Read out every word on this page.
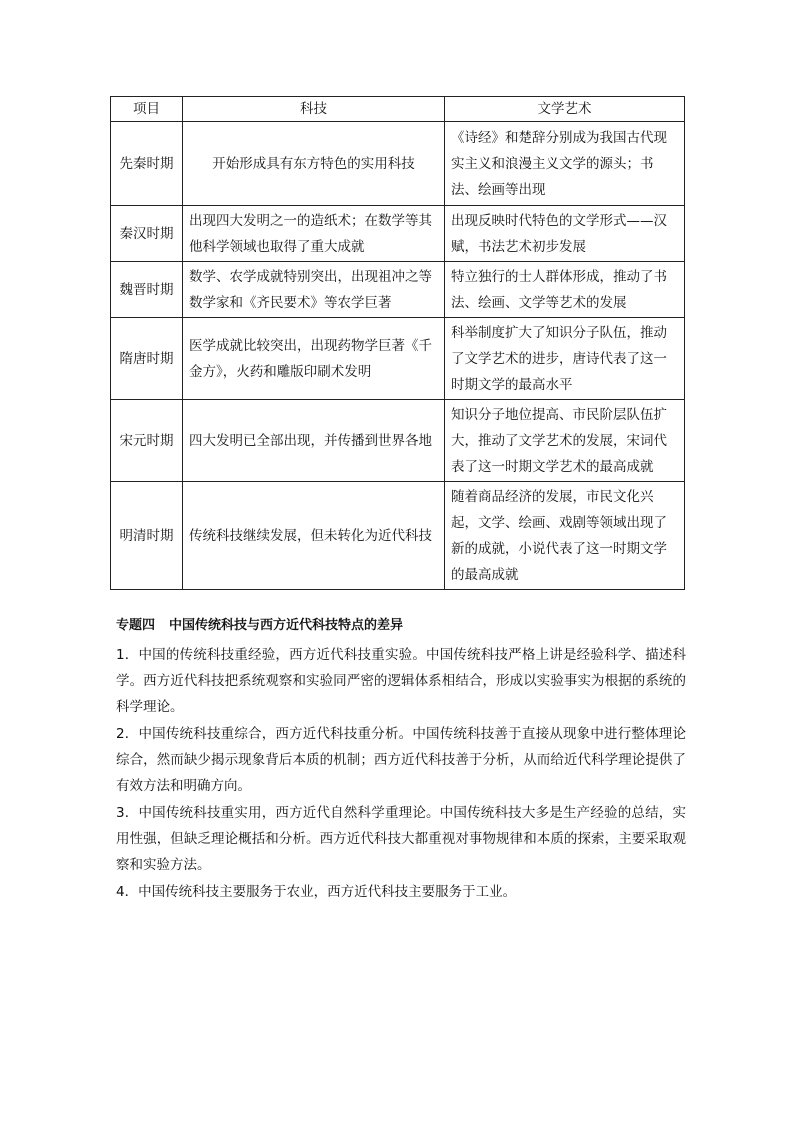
项目	科技	文学艺术
先秦时期	开始形成具有东方特色的实用科技	《诗经》和楚辞分别成为我国古代现实主义和浪漫主义文学的源头；书法、绘画等出现
秦汉时期	出现四大发明之一的造纸术；在数学等其他科学领域也取得了重大成就	出现反映时代特色的文学形式——汉赋，书法艺术初步发展
魏晋时期	数学、农学成就特别突出，出现祖冲之等数学家和《齐民要术》等农学巨著	特立独行的士人群体形成，推动了书法、绘画、文学等艺术的发展
隋唐时期	医学成就比较突出，出现药物学巨著《千金方》，火药和雕版印刷术发明	科举制度扩大了知识分子队伍，推动了文学艺术的进步，唐诗代表了这一时期文学的最高水平
宋元时期	四大发明已全部出现，并传播到世界各地	知识分子地位提高、市民阶层队伍扩大，推动了文学艺术的发展，宋词代表了这一时期文学艺术的最高成就
明清时期	传统科技继续发展，但未转化为近代科技	随着商品经济的发展，市民文化兴起，文学、绘画、戏剧等领域出现了新的成就，小说代表了这一时期文学的最高成就
专题四 中国传统科技与西方近代科技特点的差异

1．中国的传统科技重经验，西方近代科技重实验。中国传统科技严格上讲是经验科学、描述科学。西方近代科技把系统观察和实验同严密的逻辑体系相结合，形成以实验事实为根据的系统的科学理论。

2．中国传统科技重综合，西方近代科技重分析。中国传统科技善于直接从现象中进行整体理论综合，然而缺少揭示现象背后本质的机制；西方近代科技善于分析，从而给近代科学理论提供了有效方法和明确方向。

3．中国传统科技重实用，西方近代自然科学重理论。中国传统科技大多是生产经验的总结，实用性强，但缺乏理论概括和分析。西方近代科技大都重视对事物规律和本质的探索，主要采取观察和实验方法。

4．中国传统科技主要服务于农业，西方近代科技主要服务于工业。
